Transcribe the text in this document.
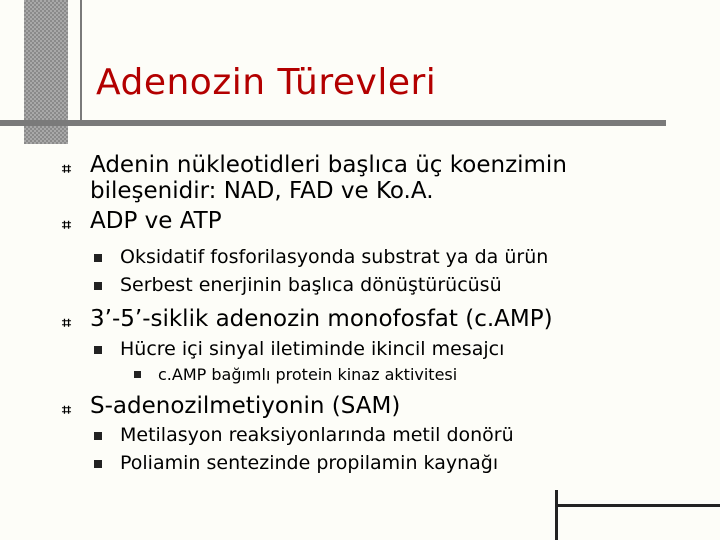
Adenozin Türevleri
⌗ Adenin nükleotidleri başlıca üç koenzimin
bileşenidir: NAD, FAD ve Ko.A.
⌗ ADP ve ATP
Oksidatif fosforilasyonda substrat ya da ürün
Serbest enerjinin başlıca dönüştürücüsü
⌗ 3’-5’-siklik adenozin monofosfat (c.AMP)
Hücre içi sinyal iletiminde ikincil mesajcı
c.AMP bağımlı protein kinaz aktivitesi
⌗ S-adenozilmetiyonin (SAM)
Metilasyon reaksiyonlarında metil donörü
Poliamin sentezinde propilamin kaynağı
